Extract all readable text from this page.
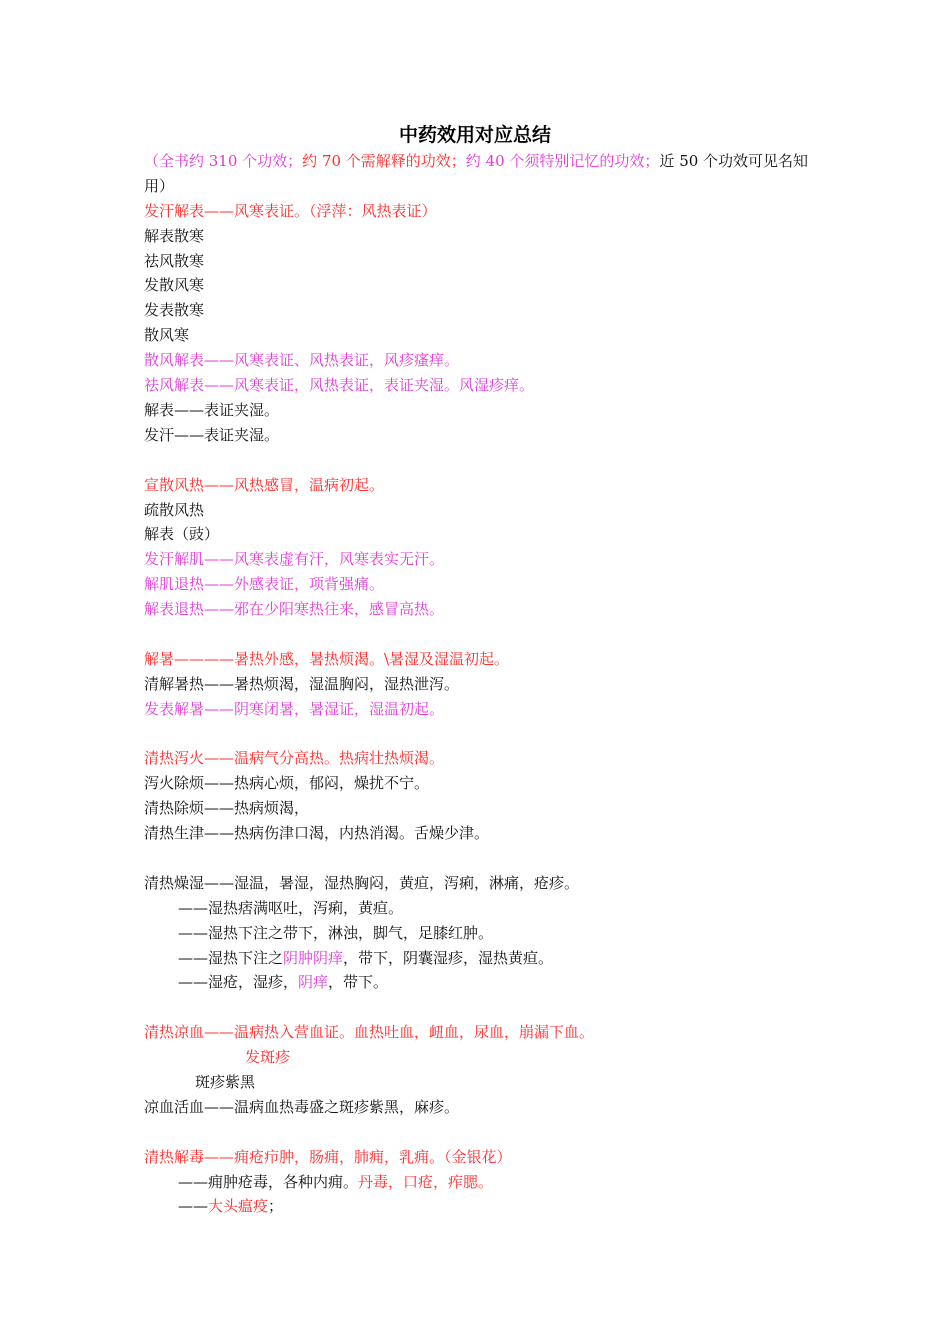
中药效用对应总结
（全书约 310 个功效；约 70 个需解释的功效；约 40 个须特别记忆的功效；近 50 个功效可见名知用）
发汗解表——风寒表证。（浮萍：风热表证）
解表散寒
祛风散寒
发散风寒
发表散寒
散风寒
散风解表——风寒表证、风热表证，风疹瘙痒。
祛风解表——风寒表证，风热表证，表证夹湿。风湿疹痒。
解表——表证夹湿。
发汗——表证夹湿。
宣散风热——风热感冒，温病初起。
疏散风热
解表（豉）
发汗解肌——风寒表虚有汗，风寒表实无汗。
解肌退热——外感表证，项背强痛。
解表退热——邪在少阳寒热往来，感冒高热。
解暑————暑热外感，暑热烦渴。\暑湿及湿温初起。
清解暑热——暑热烦渴，湿温胸闷，湿热泄泻。
发表解暑——阴寒闭暑，暑湿证，湿温初起。
清热泻火——温病气分高热。热病壮热烦渴。
泻火除烦——热病心烦，郁闷，燥扰不宁。
清热除烦——热病烦渴，
清热生津——热病伤津口渴，内热消渴。舌燥少津。
清热燥湿——湿温，暑湿，湿热胸闷，黄疸，泻痢，淋痛，疮疹。
——湿热痞满呕吐，泻痢，黄疸。
——湿热下注之带下，淋浊，脚气，足膝红肿。
——湿热下注之阴肿阴痒，带下，阴囊湿疹，湿热黄疸。
——湿疮，湿疹，阴痒，带下。
清热凉血——温病热入营血证。血热吐血，衄血，尿血，崩漏下血。
发斑疹
斑疹紫黑
凉血活血——温病血热毒盛之斑疹紫黑，麻疹。
清热解毒——痈疮疖肿，肠痈，肺痈，乳痈。（金银花）
——痈肿疮毒，各种内痈。丹毒，口疮，痄腮。
——大头瘟疫；
